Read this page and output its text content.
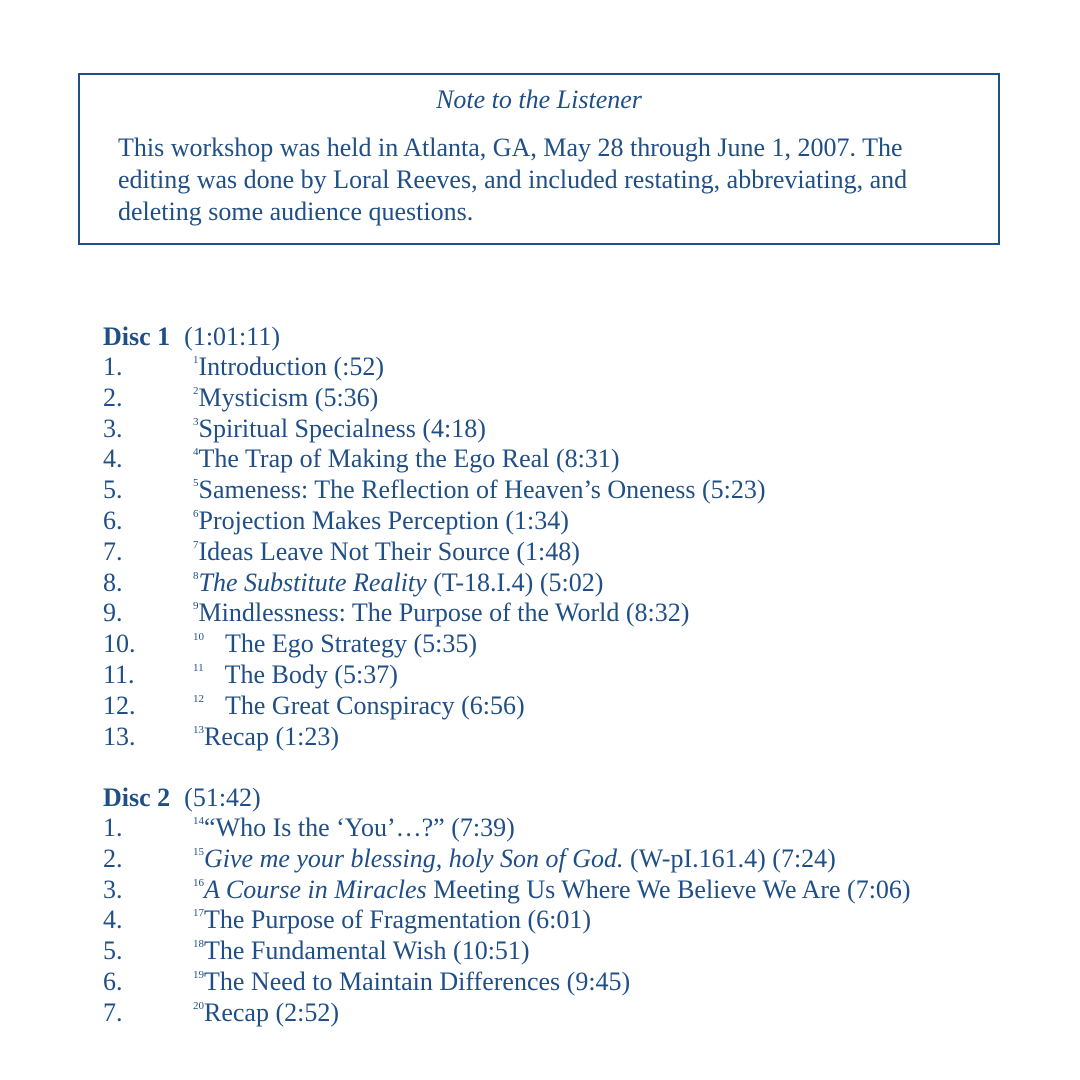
Note to the Listener
This workshop was held in Atlanta, GA, May 28 through June 1, 2007. The
editing was done by Loral Reeves, and included restating, abbreviating, and
deleting some audience questions.
Disc 1 (1:01:11)
1.	$^1$Introduction (:52)
2.	$^2$Mysticism (5:36)
3.	$^3$Spiritual Specialness (4:18)
4.	$^4$The Trap of Making the Ego Real (8:31)
5.	$^5$Sameness: The Reflection of Heaven’s Oneness (5:23)
6.	$^6$Projection Makes Perception (1:34)
7.	$^7$Ideas Leave Not Their Source (1:48)
8.	$^8$The Substitute Reality (T-18.I.4) (5:02)
9.	$^9$Mindlessness: The Purpose of the World (8:32)
10.	$^{10}$ The Ego Strategy (5:35)
11.	$^{11}$ The Body (5:37)
12.	$^{12}$ The Great Conspiracy (6:56)
13.	$^{13}$Recap (1:23)
Disc 2 (51:42)
1.	$^{14}$“Who Is the ‘You’…?” (7:39)
2.	$^{15}$Give me your blessing, holy Son of God. (W-pI.161.4) (7:24)
3.	$^{16}$A Course in Miracles Meeting Us Where We Believe We Are (7:06)
4.	$^{17}$The Purpose of Fragmentation (6:01)
5.	$^{18}$The Fundamental Wish (10:51)
6.	$^{19}$The Need to Maintain Differences (9:45)
7.	$^{20}$Recap (2:52)
